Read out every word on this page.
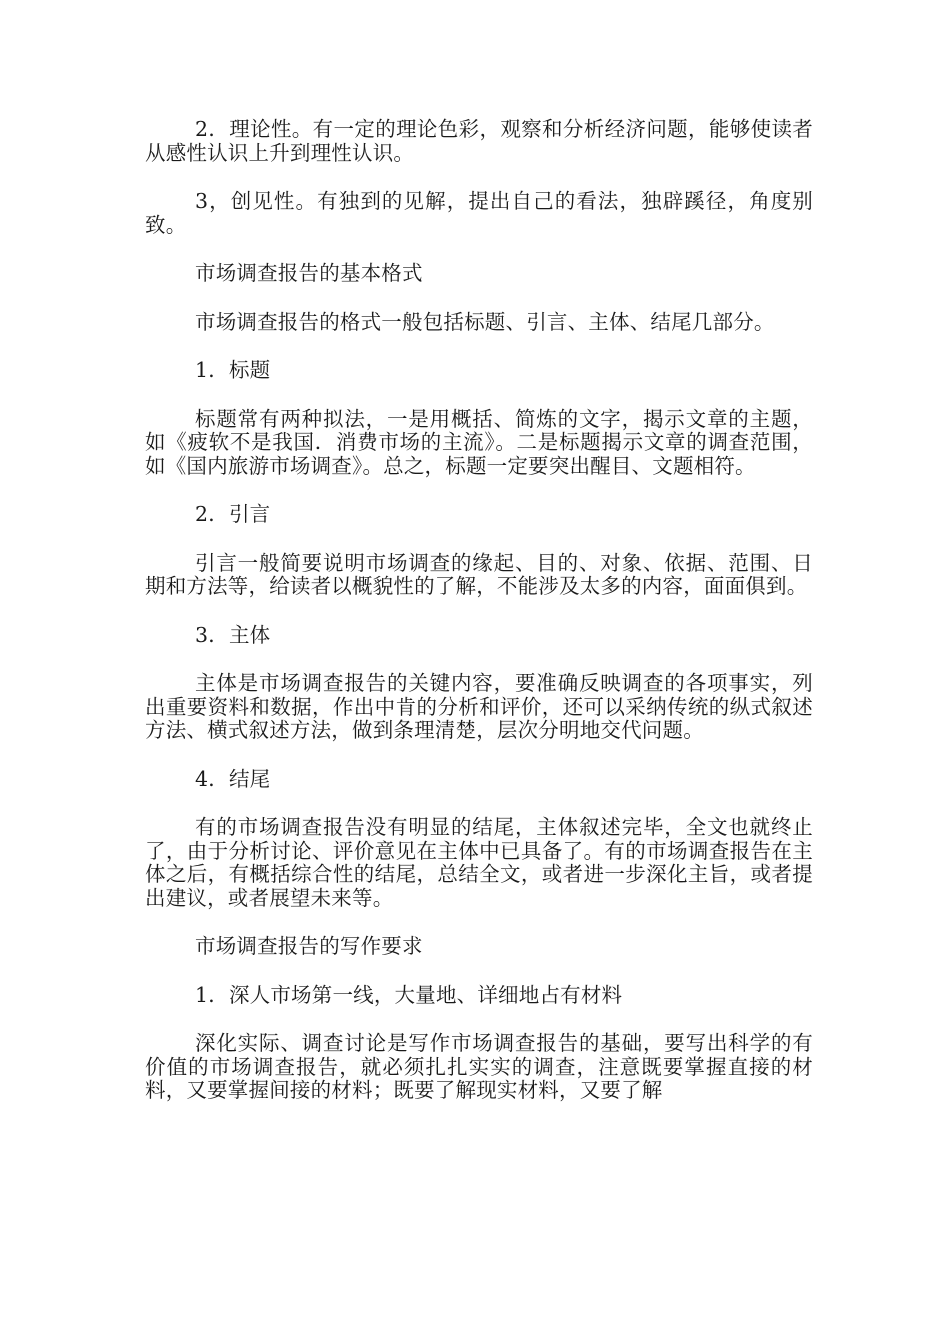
2．理论性。有一定的理论色彩，观察和分析经济问题，能够使读者从感性认识上升到理性认识。

3，创见性。有独到的见解，提出自己的看法，独辟蹊径，角度别致。

市场调查报告的基本格式

市场调查报告的格式一般包括标题、引言、主体、结尾几部分。

1．标题

标题常有两种拟法，一是用概括、简炼的文字，揭示文章的主题，如《疲软不是我国．消费市场的主流》。二是标题揭示文章的调查范围，如《国内旅游市场调查》。总之，标题一定要突出醒目、文题相符。

2．引言

引言一般简要说明市场调查的缘起、目的、对象、依据、范围、日期和方法等，给读者以概貌性的了解，不能涉及太多的内容，面面俱到。

3．主体

主体是市场调查报告的关键内容，要准确反映调查的各项事实，列出重要资料和数据，作出中肯的分析和评价，还可以采纳传统的纵式叙述方法、横式叙述方法，做到条理清楚，层次分明地交代问题。

4．结尾

有的市场调查报告没有明显的结尾，主体叙述完毕，全文也就终止了，由于分析讨论、评价意见在主体中已具备了。有的市场调查报告在主体之后，有概括综合性的结尾，总结全文，或者进一步深化主旨，或者提出建议，或者展望未来等。

市场调查报告的写作要求

1．深人市场第一线，大量地、详细地占有材料

深化实际、调查讨论是写作市场调查报告的基础，要写出科学的有价值的市场调查报告，就必须扎扎实实的调查，注意既要掌握直接的材料，又要掌握间接的材料；既要了解现实材料，又要了解
